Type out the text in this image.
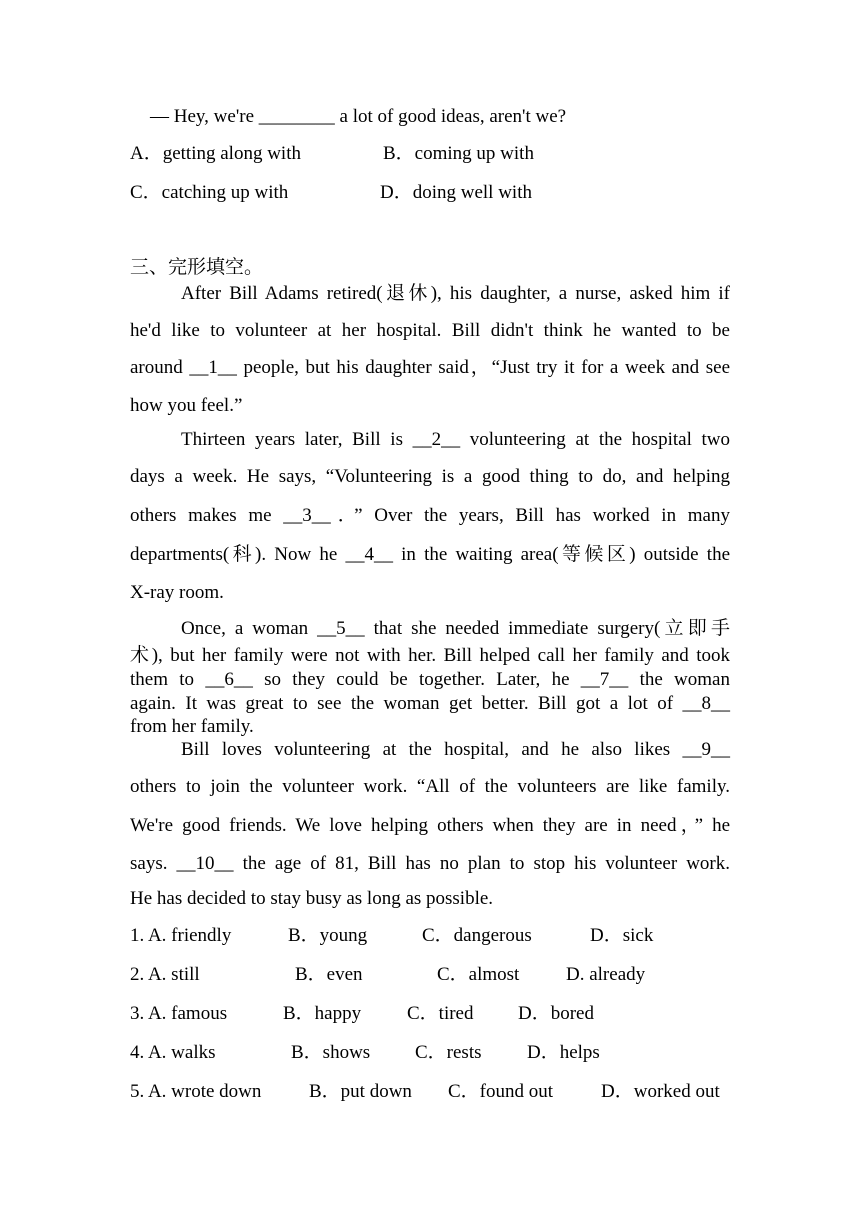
— Hey, we're ________ a lot of good ideas, aren't we?
A．getting along with	B．coming up with
C．catching up with	D．doing well with
三、完形填空。
After Bill Adams retired(退休), his daughter, a nurse, asked him if
he'd like to volunteer at her hospital. Bill didn't think he wanted to be
around __1__ people, but his daughter said，“Just try it for a week and see
how you feel.”
Thirteen years later, Bill is __2__ volunteering at the hospital two
days a week. He says, “Volunteering is a good thing to do, and helping
others makes me __3__．” Over the years, Bill has worked in many
departments(科). Now he __4__ in the waiting area(等候区) outside the
X-ray room.
Once, a woman __5__ that she needed immediate surgery(立即手
术), but her family were not with her. Bill helped call her family and took
them to __6__ so they could be together. Later, he __7__ the woman
again. It was great to see the woman get better. Bill got a lot of __8__
from her family.
Bill loves volunteering at the hospital, and he also likes __9__
others to join the volunteer work. “All of the volunteers are like family.
We're good friends. We love helping others when they are in need，” he
says. __10__ the age of 81, Bill has no plan to stop his volunteer work.
He has decided to stay busy as long as possible.
1. A. friendly	B．young	C．dangerous	D．sick
2. A. still	B．even	C．almost D. already
3. A. famous	B．happy C．tired D．bored
4. A. walks	B．shows C．rests D．helps
5. A. wrote down	B．put down C．found out	D．worked out
